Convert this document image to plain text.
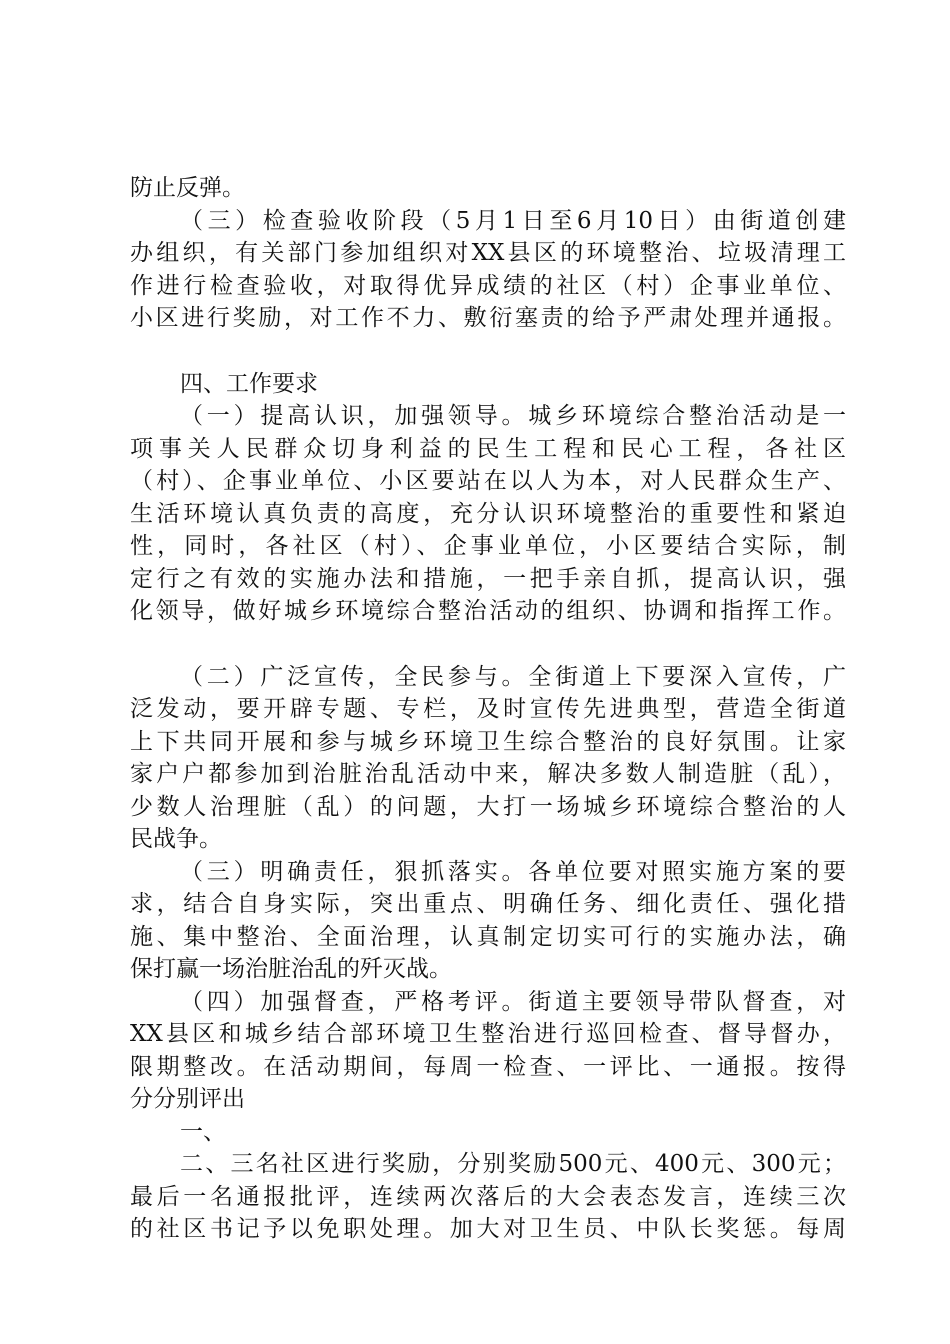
防止反弹。
（三）检查验收阶段（5月1日至6月10日）由街道创建
办组织，有关部门参加组织对XX县区的环境整治、垃圾清理工
作进行检查验收，对取得优异成绩的社区（村）企事业单位、
小区进行奖励，对工作不力、敷衍塞责的给予严肃处理并通报。
四、工作要求
（一）提高认识，加强领导。城乡环境综合整治活动是一
项事关人民群众切身利益的民生工程和民心工程，各社区
（村）、企事业单位、小区要站在以人为本，对人民群众生产、
生活环境认真负责的高度，充分认识环境整治的重要性和紧迫
性，同时，各社区（村）、企事业单位，小区要结合实际，制
定行之有效的实施办法和措施，一把手亲自抓，提高认识，强
化领导，做好城乡环境综合整治活动的组织、协调和指挥工作。
（二）广泛宣传，全民参与。全街道上下要深入宣传，广
泛发动，要开辟专题、专栏，及时宣传先进典型，营造全街道
上下共同开展和参与城乡环境卫生综合整治的良好氛围。让家
家户户都参加到治脏治乱活动中来，解决多数人制造脏（乱），
少数人治理脏（乱）的问题，大打一场城乡环境综合整治的人
民战争。
（三）明确责任，狠抓落实。各单位要对照实施方案的要
求，结合自身实际，突出重点、明确任务、细化责任、强化措
施、集中整治、全面治理，认真制定切实可行的实施办法，确
保打赢一场治脏治乱的歼灭战。
（四）加强督查，严格考评。街道主要领导带队督查，对
XX县区和城乡结合部环境卫生整治进行巡回检查、督导督办，
限期整改。在活动期间，每周一检查、一评比、一通报。按得
分分别评出
一、
二、三名社区进行奖励，分别奖励500元、400元、300元；
最后一名通报批评，连续两次落后的大会表态发言，连续三次
的社区书记予以免职处理。加大对卫生员、中队长奖惩。每周
